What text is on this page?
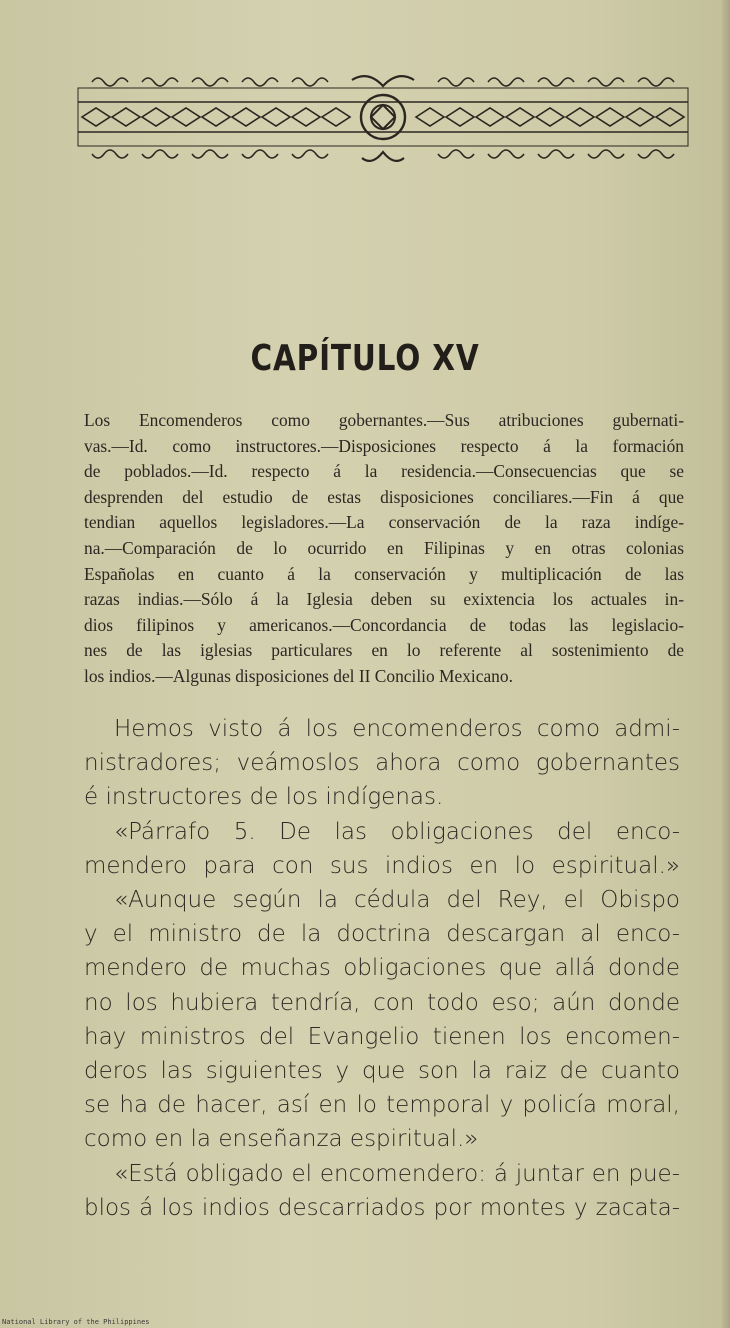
CAPÍTULO XV
Los Encomenderos como gobernantes.—Sus atribuciones gubernati-
vas.—Id. como instructores.—Disposiciones respecto á la formación
de poblados.—Id. respecto á la residencia.—Consecuencias que se
desprenden del estudio de estas disposiciones conciliares.—Fin á que
tendian aquellos legisladores.—La conservación de la raza indíge-
na.—Comparación de lo ocurrido en Filipinas y en otras colonias
Españolas en cuanto á la conservación y multiplicación de las
razas indias.—Sólo á la Iglesia deben su exixtencia los actuales in-
dios filipinos y americanos.—Concordancia de todas las legislacio-
nes de las iglesias particulares en lo referente al sostenimiento de
los indios.—Algunas disposiciones del II Concilio Mexicano.
Hemos visto á los encomenderos como admi-
nistradores; veámoslos ahora como gobernantes
é instructores de los indígenas.
«Párrafo 5. De las obligaciones del enco-
mendero para con sus indios en lo espiritual.»
«Aunque según la cédula del Rey, el Obispo
y el ministro de la doctrina descargan al enco-
mendero de muchas obligaciones que allá donde
no los hubiera tendría, con todo eso; aún donde
hay ministros del Evangelio tienen los encomen-
deros las siguientes y que son la raiz de cuanto
se ha de hacer, así en lo temporal y policía moral,
como en la enseñanza espiritual.»
«Está obligado el encomendero: á juntar en pue-
blos á los indios descarriados por montes y zacata-
National Library of the Philippines
